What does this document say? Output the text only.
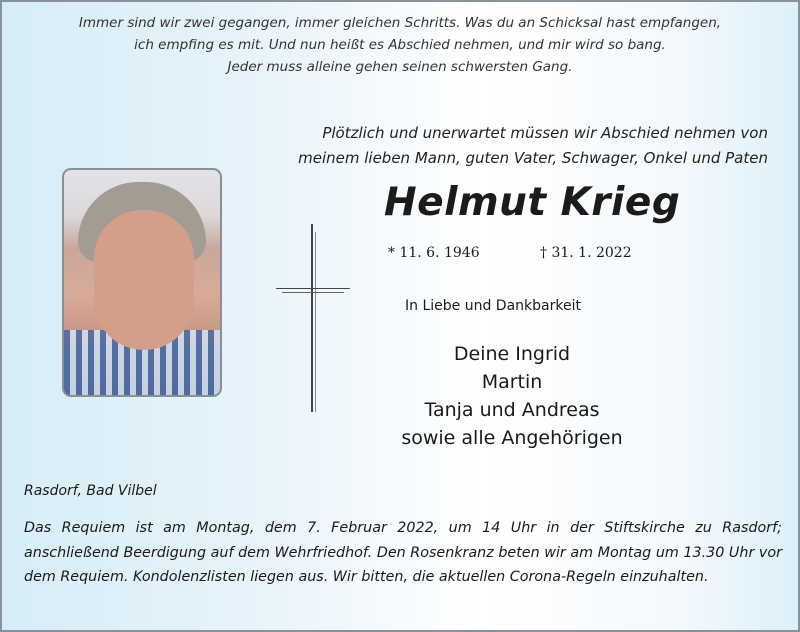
Immer sind wir zwei gegangen, immer gleichen Schritts. Was du an Schicksal hast empfangen,
ich empfing es mit. Und nun heißt es Abschied nehmen, und mir wird so bang.
Jeder muss alleine gehen seinen schwersten Gang.
Plötzlich und unerwartet müssen wir Abschied nehmen von
meinem lieben Mann, guten Vater, Schwager, Onkel und Paten
Helmut Krieg
* 11. 6. 1946	† 31. 1. 2022
In Liebe und Dankbarkeit
Deine Ingrid
Martin
Tanja und Andreas
sowie alle Angehörigen
Rasdorf, Bad Vilbel
Das Requiem ist am Montag, dem 7. Februar 2022, um 14 Uhr in der Stiftskirche zu Rasdorf; anschließend Beerdigung auf dem Wehrfriedhof. Den Rosenkranz beten wir am Montag um 13.30 Uhr vor dem Requiem. Kondolenzlisten liegen aus. Wir bitten, die aktuellen Corona-Regeln einzuhalten.
